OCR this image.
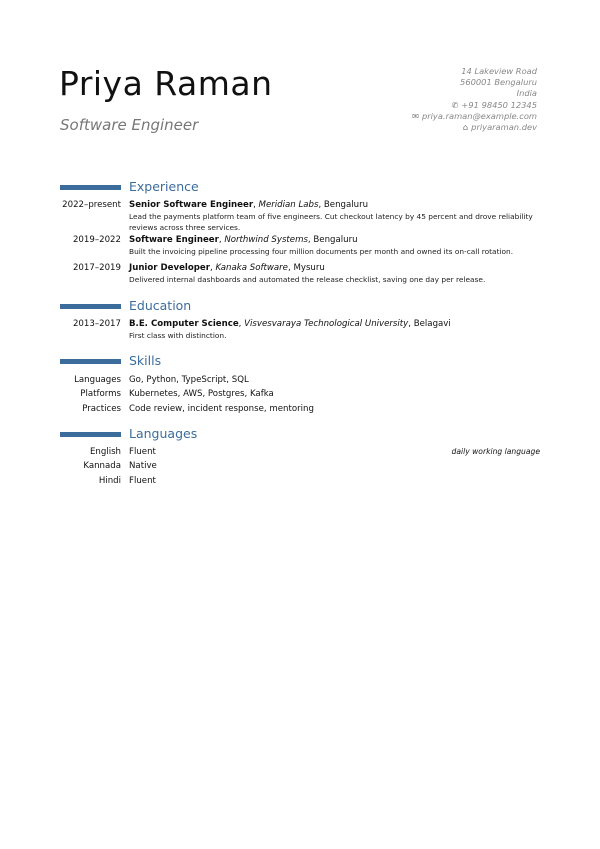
Priya Raman
Software Engineer
14 Lakeview Road
560001 Bengaluru
India
✆ +91 98450 12345
✉ priya.raman@example.com
⌂ priyaraman.dev
Experience
2022–present Senior Software Engineer, Meridian Labs, Bengaluru
Lead the payments platform team of five engineers. Cut checkout latency by 45 percent and drove reliability reviews across three services.
2019–2022 Software Engineer, Northwind Systems, Bengaluru
Built the invoicing pipeline processing four million documents per month and owned its on-call rotation.
2017–2019 Junior Developer, Kanaka Software, Mysuru
Delivered internal dashboards and automated the release checklist, saving one day per release.
Education
2013–2017 B.E. Computer Science, Visvesvaraya Technological University, Belagavi
First class with distinction.
Skills
Languages Go, Python, TypeScript, SQL
Platforms Kubernetes, AWS, Postgres, Kafka
Practices Code review, incident response, mentoring
Languages
English Fluent	daily working language
Kannada Native
Hindi Fluent
